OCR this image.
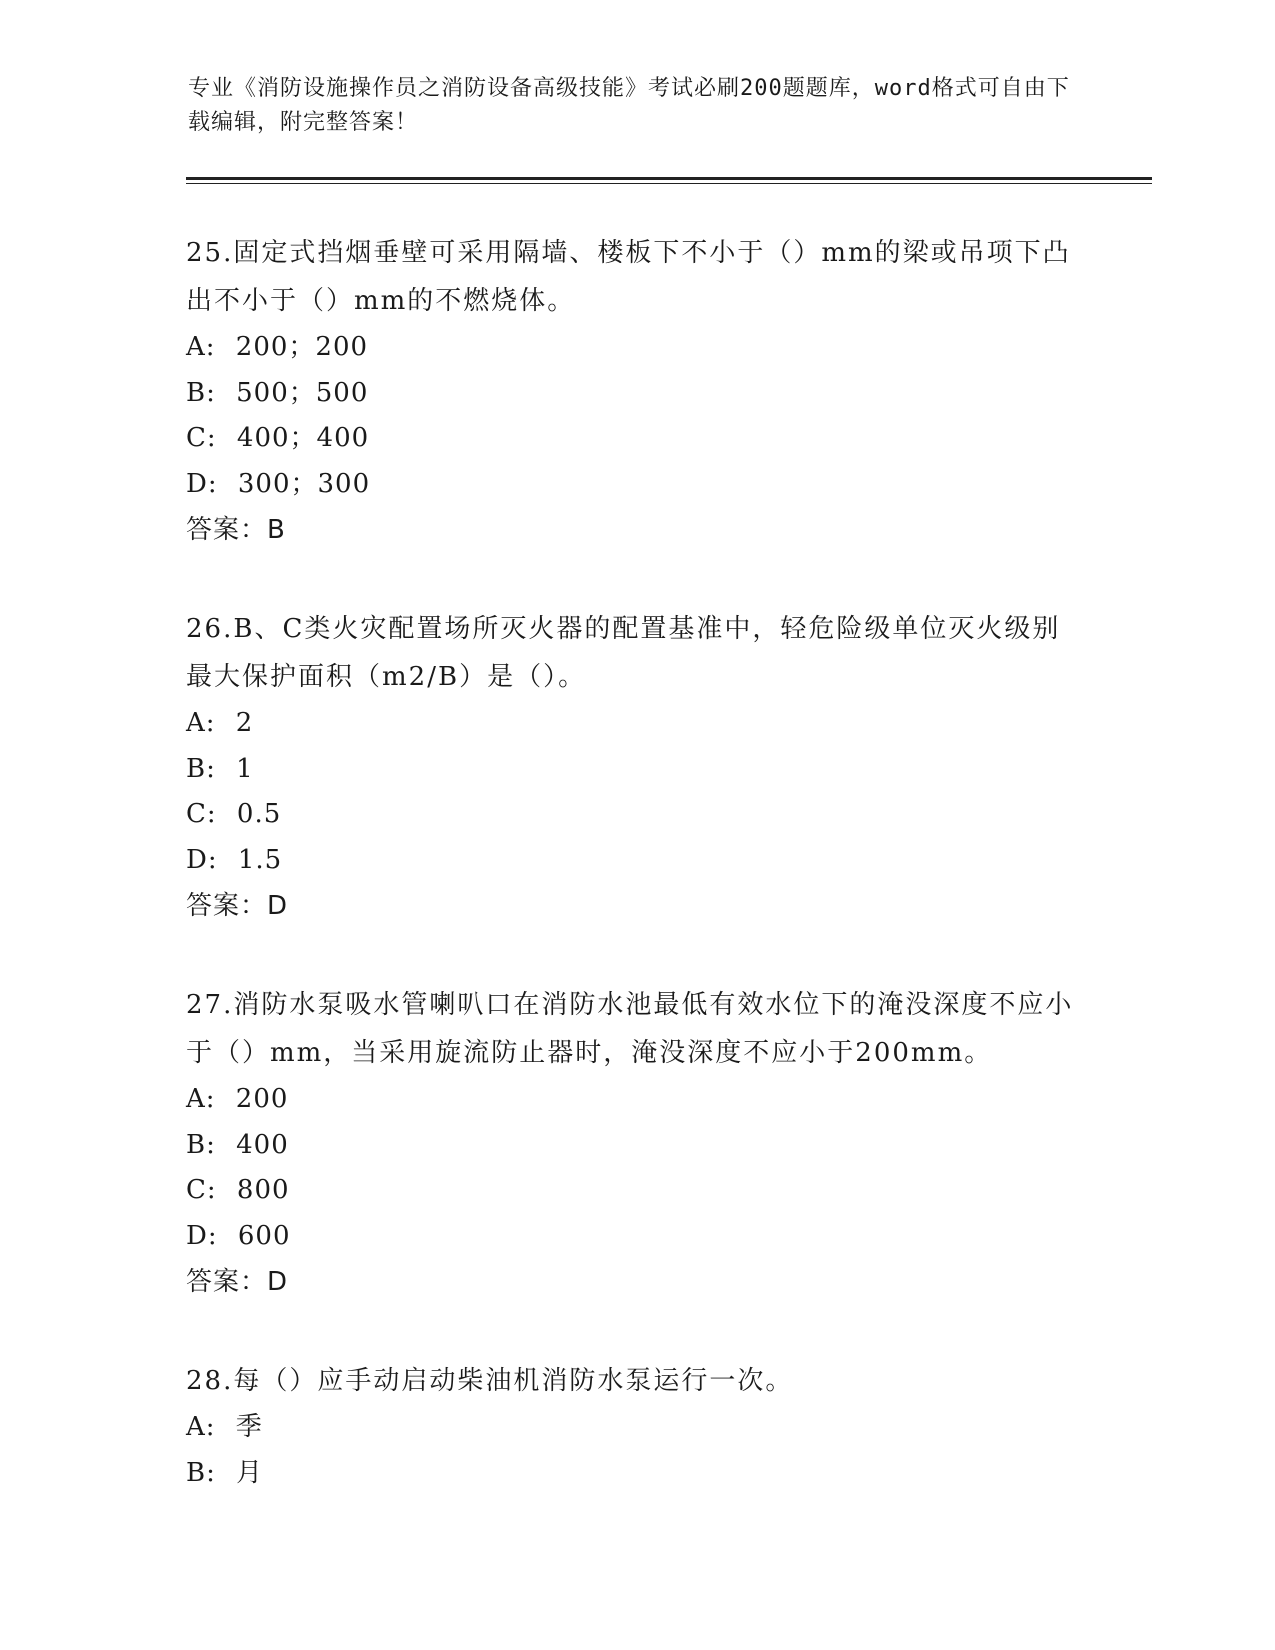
专业《消防设施操作员之消防设备高级技能》考试必刷200题题库，word格式可自由下载编辑，附完整答案！
25.固定式挡烟垂壁可采用隔墙、楼板下不小于（）mm的梁或吊项下凸出不小于（）mm的不燃烧体。
A : 200；200
B : 500；500
C : 400；400
D : 300；300
答案：B
26.B、C类火灾配置场所灭火器的配置基准中，轻危险级单位灭火级别最大保护面积（m2/B）是（）。
A : 2
B : 1
C : 0.5
D : 1.5
答案：D
27.消防水泵吸水管喇叭口在消防水池最低有效水位下的淹没深度不应小于（）mm，当采用旋流防止器时，淹没深度不应小于200mm。
A : 200
B : 400
C : 800
D : 600
答案：D
28.每（）应手动启动柴油机消防水泵运行一次。
A : 季
B : 月
